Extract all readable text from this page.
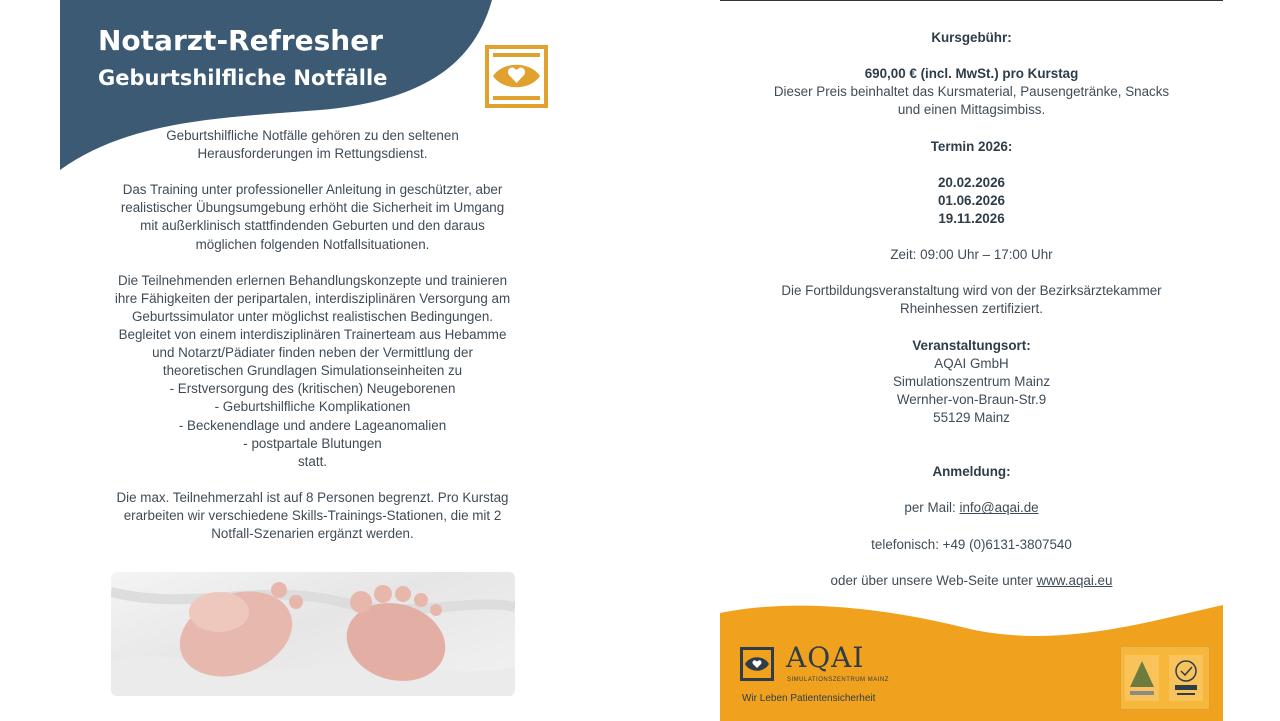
Notarzt-Refresher
Geburtshilfliche Notfälle

Geburtshilfliche Notfälle gehören zu den seltenen
Herausforderungen im Rettungsdienst.

Das Training unter professioneller Anleitung in geschützter, aber
realistischer Übungsumgebung erhöht die Sicherheit im Umgang
mit außerklinisch stattfindenden Geburten und den daraus
möglichen folgenden Notfallsituationen.

Die Teilnehmenden erlernen Behandlungskonzepte und trainieren
ihre Fähigkeiten der peripartalen, interdisziplinären Versorgung am
Geburtssimulator unter möglichst realistischen Bedingungen.
Begleitet von einem interdisziplinären Trainerteam aus Hebamme
und Notarzt/Pädiater finden neben der Vermittlung der
theoretischen Grundlagen Simulationseinheiten zu
- Erstversorgung des (kritischen) Neugeborenen
- Geburtshilfliche Komplikationen
- Beckenendlage und andere Lageanomalien
- postpartale Blutungen
statt.

Die max. Teilnehmerzahl ist auf 8 Personen begrenzt. Pro Kurstag
erarbeiten wir verschiedene Skills-Trainings-Stationen, die mit 2
Notfall-Szenarien ergänzt werden.

Kursgebühr:

690,00 € (incl. MwSt.) pro Kurstag

Dieser Preis beinhaltet das Kursmaterial, Pausengetränke, Snacks
und einen Mittagsimbiss.

Termin 2026:

20.02.2026
01.06.2026
19.11.2026

Zeit: 09:00 Uhr – 17:00 Uhr

Die Fortbildungsveranstaltung wird von der Bezirksärztekammer
Rheinhessen zertifiziert.

Veranstaltungsort:

AQAI GmbH
Simulationszentrum Mainz
Wernher-von-Braun-Str.9
55129 Mainz

Anmeldung:

per Mail: info@aqai.de

telefonisch: +49 (0)6131-3807540

oder über unsere Web-Seite unter www.aqai.eu

AQAI
SIMULATIONSZENTRUM MAINZ
Wir Leben Patientensicherheit
